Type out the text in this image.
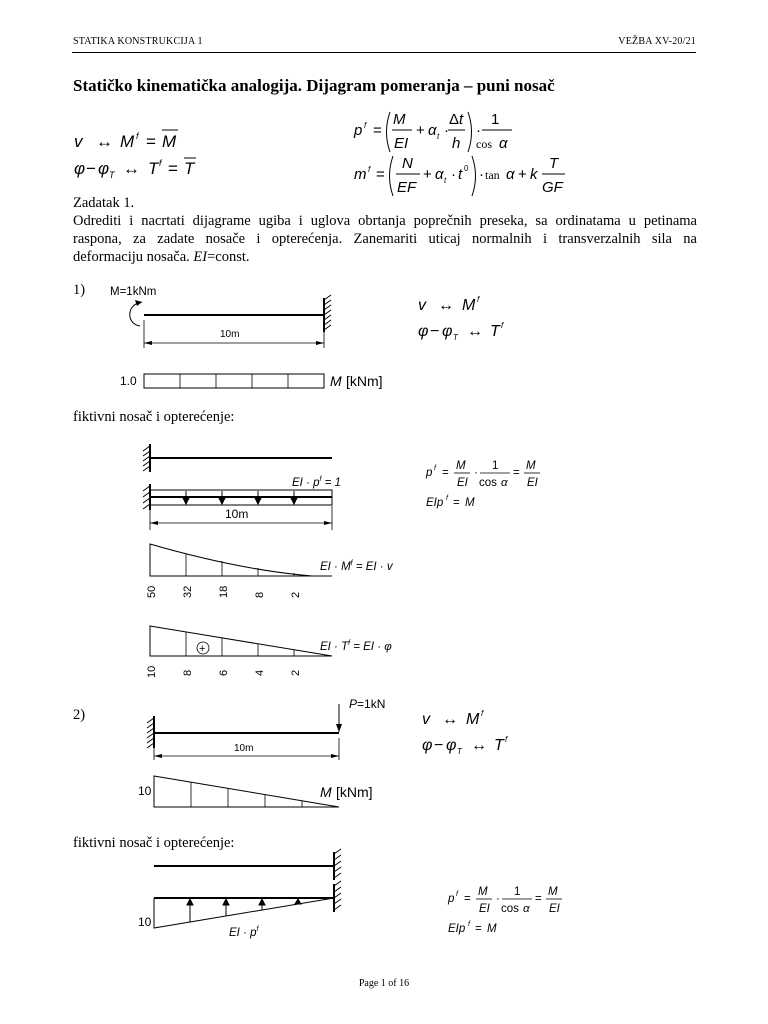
STATIKA KONSTRUKCIJA 1	VEŽBA XV-20/21
Statičko kinematička analogija. Dijagram pomeranja – puni nosač
v ↔ M f = M
φ − φ T ↔ T f = T
p f =
M
EI
+ α t ·
Δ t
h
·
1
cos α
m f =
N
EF
+ α t · t 0 · tan α + k
T
GF
Zadatak 1.
Odrediti i nacrtati dijagrame ugiba i uglova obrtanja poprečnih preseka, sa ordinatama u petinama
raspona, za zadate nosače i opterećenja. Zanemariti uticaj normalnih i transverzalnih sila na
deformaciju nosača. EI=const.
1) M=1kNm
10m
1.0	M [kNm]
v ↔ M f
φ − φ T ↔ T f
fiktivni nosač i opterećenje:
EI · $p^f = 1$
10m
EI · $M^f$ = EI · v
50 32 18 8 2
+	EI · $T^f$ = EI · φ
10 8 6 4 2
p f =
M
EI
·
1
cos α
=
M
EI
EIp f = M
2)
P=1kN
10m
10	M [kNm]
v ↔ M f
φ − φ T ↔ T f
fiktivni nosač i opterećenje:
10
EI · $p^f$
p f =
M
EI
·
1
cos α
=
M
EI
EIp f = M
Page 1 of 16
